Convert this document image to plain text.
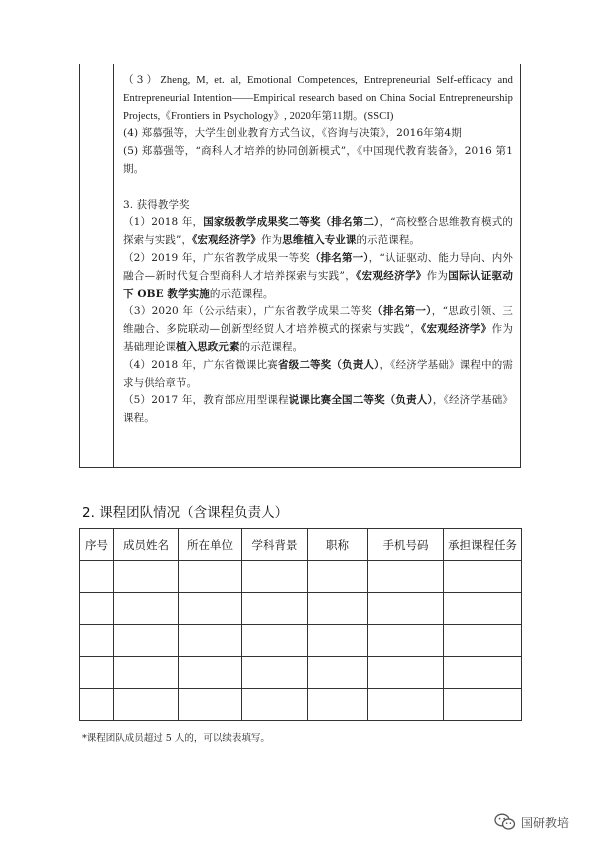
（3）Zheng, M, et. al, Emotional Competences, Entrepreneurial Self-efficacy and Entrepreneurial Intention——Empirical research based on China Social Entrepreneurship Projects,《Frontiers in Psychology》, 2020年第11期。(SSCI)

(4) 郑慕强等，大学生创业教育方式刍议，《咨询与决策》，2016年第4期

(5) 郑慕强等，“商科人才培养的协同创新模式”，《中国现代教育装备》，2016 第1期。

3. 获得教学奖

（1）2018 年，国家级教学成果奖二等奖（排名第二），“高校整合思维教育模式的探索与实践”，《宏观经济学》作为思维植入专业课的示范课程。

（2）2019 年，广东省教学成果一等奖（排名第一），“认证驱动、能力导向、内外融合—新时代复合型商科人才培养探索与实践”，《宏观经济学》作为国际认证驱动下 OBE 教学实施的示范课程。

（3）2020 年（公示结束），广东省教学成果二等奖（排名第一），“思政引领、三维融合、多院联动—创新型经贸人才培养模式的探索与实践”，《宏观经济学》作为基础理论课植入思政元素的示范课程。

（4）2018 年，广东省微课比赛省级二等奖（负责人），《经济学基础》课程中的需求与供给章节。

（5）2017 年，教育部应用型课程说课比赛全国二等奖（负责人），《经济学基础》课程。

2. 课程团队情况（含课程负责人）
序号	成员姓名	所在单位	学科背景	职称	手机号码	承担课程任务

*课程团队成员超过 5 人的，可以续表填写。

国研教培
